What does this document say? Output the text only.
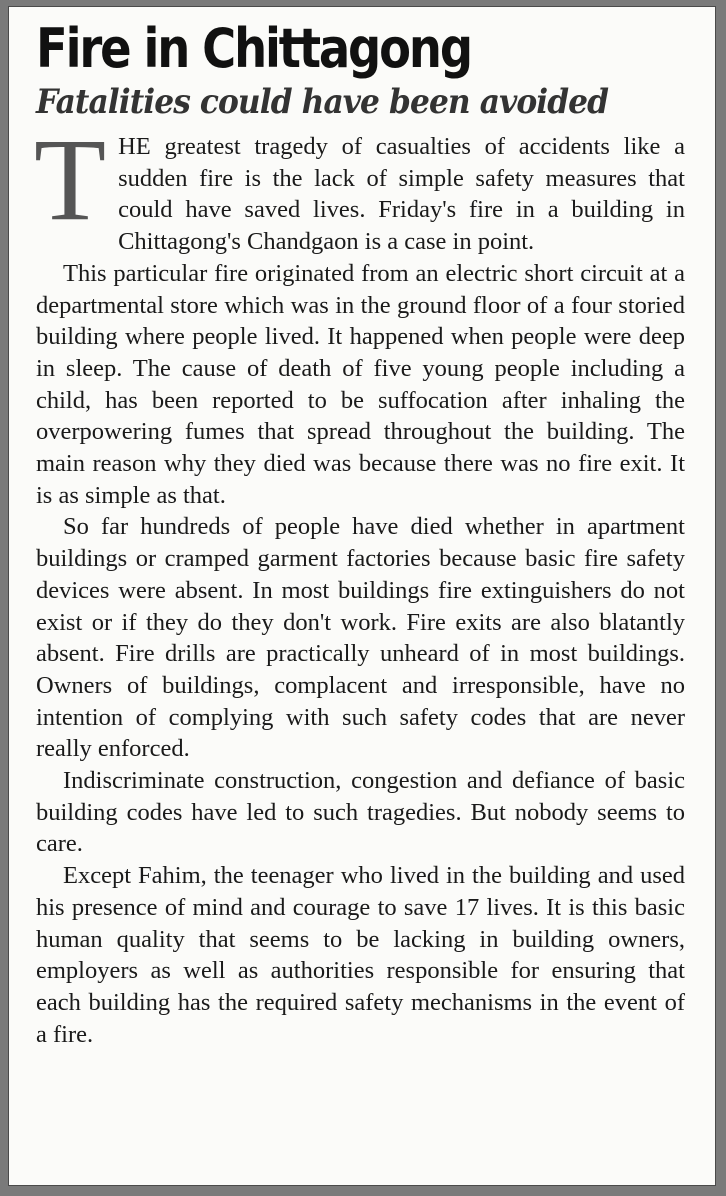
Fire in Chittagong
Fatalities could have been avoided

THE greatest tragedy of casualties of accidents like a sudden fire is the lack of simple safety measures that could have saved lives. Friday's fire in a building in Chittagong's Chandgaon is a case in point.

This particular fire originated from an electric short circuit at a departmental store which was in the ground floor of a four storied building where people lived. It happened when people were deep in sleep. The cause of death of five young people including a child, has been reported to be suffocation after inhaling the overpowering fumes that spread throughout the building. The main reason why they died was because there was no fire exit. It is as simple as that.

So far hundreds of people have died whether in apartment buildings or cramped garment factories because basic fire safety devices were absent. In most buildings fire extinguishers do not exist or if they do they don't work. Fire exits are also blatantly absent. Fire drills are practically unheard of in most buildings. Owners of buildings, complacent and irresponsible, have no intention of complying with such safety codes that are never really enforced.

Indiscriminate construction, congestion and defiance of basic building codes have led to such tragedies. But nobody seems to care.

Except Fahim, the teenager who lived in the building and used his presence of mind and courage to save 17 lives. It is this basic human quality that seems to be lacking in building owners, employers as well as authorities responsible for ensuring that each building has the required safety mechanisms in the event of a fire.
